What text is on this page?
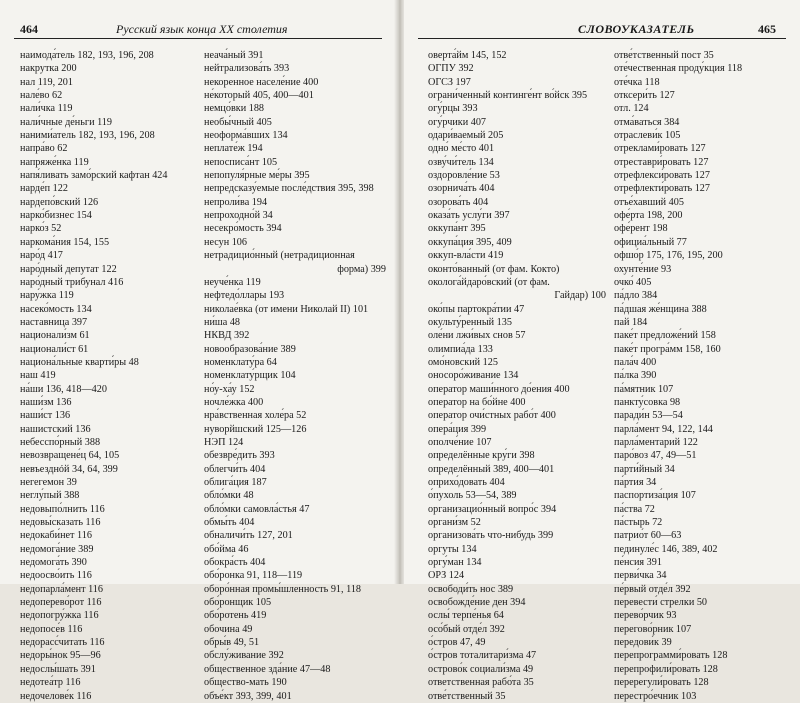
464	Русский язык конца XX столетия
наимода́тель 182, 193, 196, 208
накрутка 200
нал 119, 201
нале́во 62
нали́чка 119
нали́чные де́ньги 119
наними́атель 182, 193, 196, 208
напра́во 62
напряже́нка 119
напя́ливать замо́рский кафтан 424
нарде́п 122
нардепо́вский 126
нарко́бизнес 154
нарко́з 52
наркома́ния 154, 155
наро́д 417
наро́дный депутат 122
наро́дный трибунал 416
нару́жка 119
насеко́мость 134
наставница 397
национали́зм 61
национали́ст 61
национа́льные кварти́ры 48
наш 419
на́ши 136, 418—420
наши́зм 136
наши́ст 136
нашистский 136
небесспо́рный 388
невозвращене́ц 64, 105
невъезднóй 34, 64, 399
негегемон 39
неглу́пый 388
недовыпо́лнить 116
недовы́сказать 116
недокаби́нет 116
недомога́ние 389
недомога́ть 390
недоосво́ить 116
недопарла́мент 116
недоперево́рот 116
недопогру́жка 116
недопосе́в 116
недорасс́читать 116
недоры́нок 95—96
недослы́шать 391
недотеа́тр 116
недочелове́к 116
неача́ный 391
нейтрализова́ть 393
некоренное населе́ние 400
не́который 405, 400—401
немцо́вки 188
необы́чный 405
неоформа́вших 134
неплате́ж 194
непосписа́нт 105
непопуля́рные ме́ры 395
непредсказу́емые после́дствия 395, 398
непроли́ва 194
непроходно́й 34
несекро́мость 394
несун 106
нетрадицио́нный (нетрадиционная
форма) 399
неуче́нка 119
нефтедо́ллары 193
николае́вка (от имени Николай II) 101
ни́ша 48
НКВД 392
новообразова́ние 389
номенклату́ра 64
номенклату́рщик 104
но́у-ха́у 152
ночле́жка 400
нра́вственная холе́ра 52
нуворйшский 125—126
НЭП 124
обезвре́дить 393
облегчи́ть 404
облига́ция 187
обло́мки 48
обло́мки самовла́стья 47
обмы́ть 404
обналичи́ть 127, 201
обо́йма 46
обокра́сть 404
обо́ронка 91, 118—119
оборо́нная промы́шленность 91, 118
обо́ронщик 105
обо́ротень 419
обочина 49
обры́в 49, 51
обслу́живание 392
общественное зда́ние 47—48
общество-мать 190
объе́кт 393, 399, 401
СЛОВОУКАЗАТЕЛЬ	465
оверта́йм 145, 152
ОГПУ 392
ОГСЗ 197
ограни́ченный континге́нт во́йск 395
огу́рцы 393
огу́рчики 407
одари́ваемый 205
одно́ ме́сто 401
озву́чи́тель 134
оздоровле́ние 53
озорнича́ть 404
озорова́ть 404
оказа́ть услу́ги 397
оккупа́нт 395
оккупа́ция 395, 409
оккуп-вла́сти 419
оконто́ванный (от фам. Кокто)
околога́йдаро́вский (от фам.
Гайдар) 100
око́пы партокра́тии 47
окульту́ренный 135
оле́ни лжи́вых снов 57
олимпиа́да 133
омо́новский 125
оносоро́живание 134
оператор маши́нного до́ения 400
оператор на бо́йне 400
оператор очи́стных рабо́т 400
опера́ция 399
ополче́ние 107
определённые кру́ги 398
определённый 389, 400—401
оприхо́довать 404
о́пухоль 53—54, 389
организацио́нный вопро́с 394
органи́зм 52
организова́ть что-нибудь 399
оргуты 134
оргу́ман 134
ОРЗ 124
освободи́ть нос 389
освобожде́ние ден 394
ослы́ терпе́нья 64
осо́бый отде́л 392
о́стров 47, 49
о́стров тоталитари́зма 47
острово́к социали́зма 49
ответственная рабо́та 35
отве́тственный 35
отве́тственный пост 35
оте́чественная проду́кция 118
оте́чка 118
отксери́ть 127
отл. 124
отма́ваться 384
отраслеви́к 105
отреклами́ровать 127
отреставри́ровать 127
отрефлекси́ровать 127
отрефлекти́ровать 127
отъе́хавший 405
офе́рта 198, 200
офе́рент 198
официа́льный 77
офшо́р 175, 176, 195, 200
охунте́ние 93
очко́ 405
па́дло 384
па́дшая же́нщина 388
пай 184
паке́т предложе́ний 158
паке́т програ́мм 158, 160
пала́ч 400
па́лка 390
па́мятник 107
панкту́совка 98
паради́н 53—54
парла́мент 94, 122, 144
парла́ментарий 122
паро́воз 47, 49—51
парти́йный 34
па́ртия 34
паспортиза́ция 107
па́ства 72
па́стырь 72
патрио́т 60—63
пединуле́с 146, 389, 402
пе́нсия 391
перви́чка 34
пе́рвый отде́л 392
перевести́ стрелки 50
перево́рчик 93
перегово́рник 107
передови́к 39
перепрограмми́ровать 128
перепрофили́ровать 128
перерегули́ровать 128
перестро́ечник 103
